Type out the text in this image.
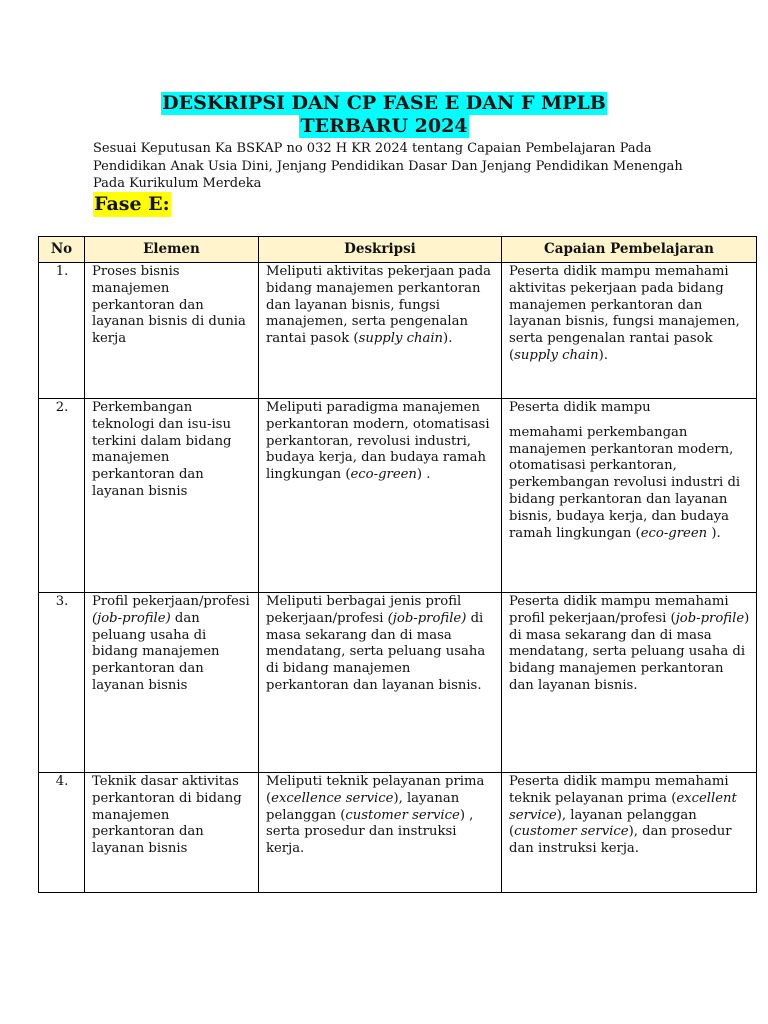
DESKRIPSI DAN CP FASE E DAN F MPLB
TERBARU 2024
Sesuai Keputusan Ka BSKAP no 032 H KR 2024 tentang Capaian Pembelajaran Pada Pendidikan Anak Usia Dini, Jenjang Pendidikan Dasar Dan Jenjang Pendidikan Menengah Pada Kurikulum Merdeka
Fase E:
No	Elemen	Deskripsi	Capaian Pembelajaran
1.	Proses bisnis manajemen perkantoran dan layanan bisnis di dunia kerja	Meliputi aktivitas pekerjaan pada bidang manajemen perkantoran dan layanan bisnis, fungsi manajemen, serta pengenalan rantai pasok (supply chain).	Peserta didik mampu memahami aktivitas pekerjaan pada bidang manajemen perkantoran dan layanan bisnis, fungsi manajemen, serta pengenalan rantai pasok (supply chain).
2.	Perkembangan teknologi dan isu-isu terkini dalam bidang manajemen perkantoran dan layanan bisnis	Meliputi paradigma manajemen perkantoran modern, otomatisasi perkantoran, revolusi industri, budaya kerja, dan budaya ramah lingkungan (eco-green) .	Peserta didik mampu
memahami perkembangan manajemen perkantoran modern, otomatisasi perkantoran, perkembangan revolusi industri di bidang perkantoran dan layanan bisnis, budaya kerja, dan budaya ramah lingkungan (eco-green ).
3.	Profil pekerjaan/profesi (job-profile) dan peluang usaha di bidang manajemen perkantoran dan layanan bisnis	Meliputi berbagai jenis profil pekerjaan/profesi (job-profile) di masa sekarang dan di masa mendatang, serta peluang usaha di bidang manajemen perkantoran dan layanan bisnis.	Peserta didik mampu memahami profil pekerjaan/profesi (job-profile) di masa sekarang dan di masa mendatang, serta peluang usaha di bidang manajemen perkantoran dan layanan bisnis.
4.	Teknik dasar aktivitas perkantoran di bidang manajemen perkantoran dan layanan bisnis	Meliputi teknik pelayanan prima (excellence service), layanan pelanggan (customer service) , serta prosedur dan instruksi kerja.	Peserta didik mampu memahami teknik pelayanan prima (excellent service), layanan pelanggan (customer service), dan prosedur dan instruksi kerja.
